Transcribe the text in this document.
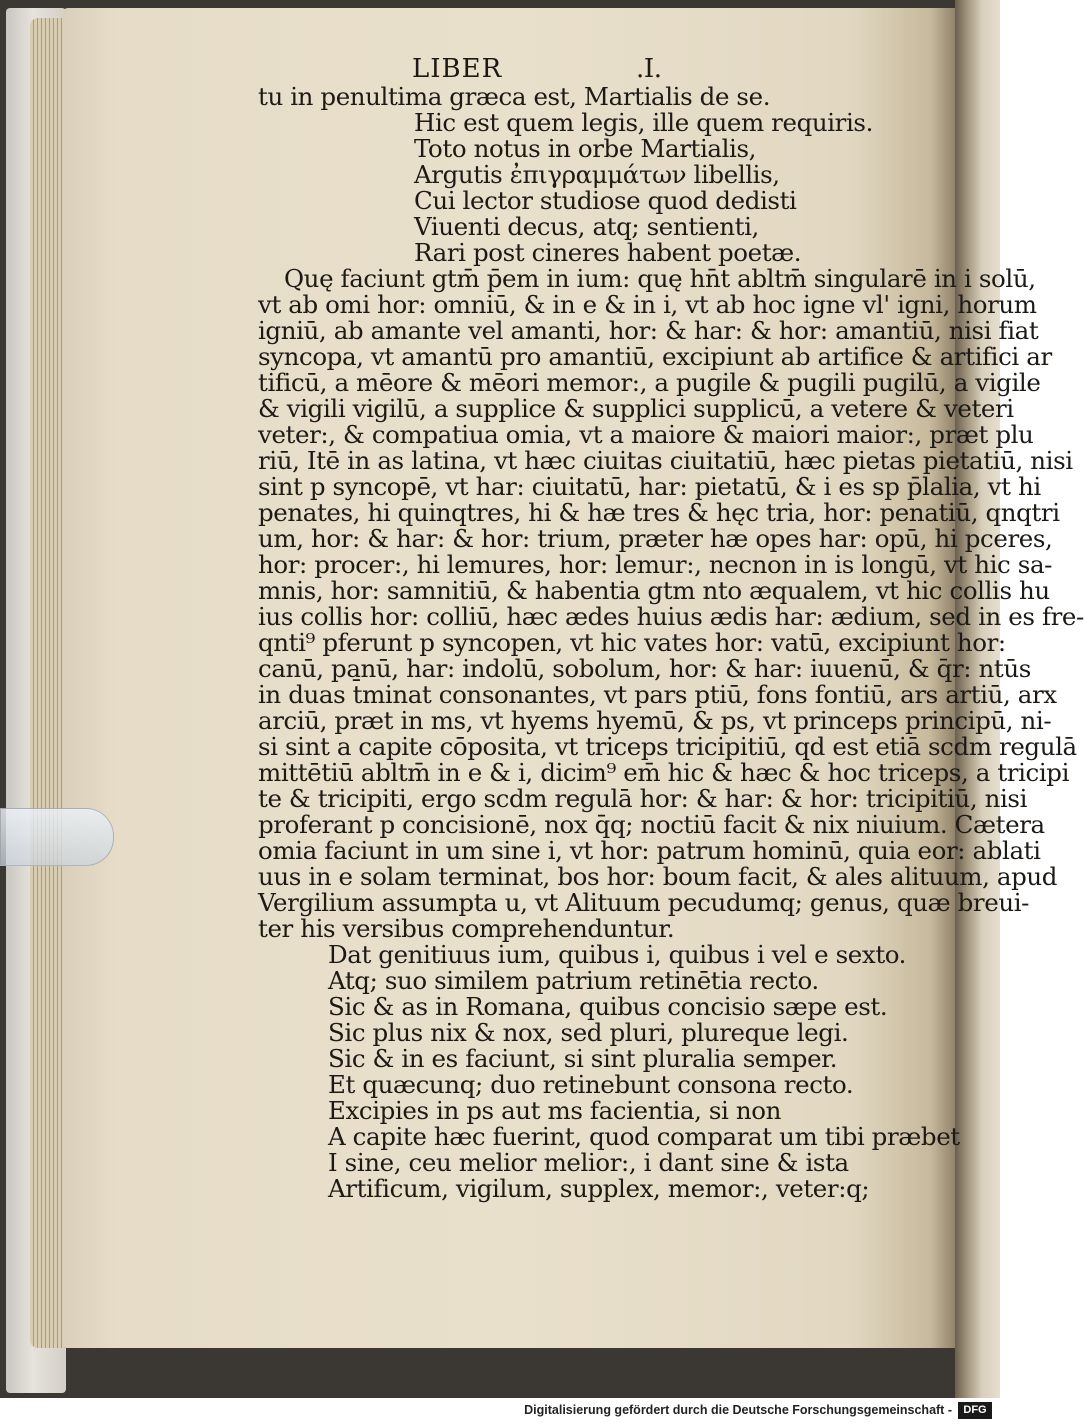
LIBER	.I.
tu in penultima græca est, Martialis de se.
Hic est quem legis, ille quem requiris.
Toto notus in orbe Martialis,
Argutis ἐπιγραμμάτων libellis,
Cui lector studiose quod dedisti
Viuenti decus, atq; sentienti,
Rari post cineres habent poetæ.
Quę faciunt gtm̄ p̄em in ium: quę hn̄t abltm̄ singularē in i solū,
vt ab omi hor: omniū, & in e & in i, vt ab hoc igne vl' igni, horum
igniū, ab amante vel amanti, hor: & har: & hor: amantiū, nisi fiat
syncopa, vt amantū pro amantiū, excipiunt ab artifice & artifici ar
tificū, a mēore & mēori memor:, a pugile & pugili pugilū, a vigile
& vigili vigilū, a supplice & supplici supplicū, a vetere & veteri
veter:, & compatiua omia, vt a maiore & maiori maior:, præt plu
riū, Itē in as latina, vt hæc ciuitas ciuitatiū, hæc pietas pietatiū, nisi
sint p syncopē, vt har: ciuitatū, har: pietatū, & i es sp p̄lalia, vt hi
penates, hi quinqtres, hi & hæ tres & hęc tria, hor: penatiū, qnqtri
um, hor: & har: & hor: trium, præter hæ opes har: opū, hi pceres,
hor: procer:, hi lemures, hor: lemur:, necnon in is longū, vt hic sa-
mnis, hor: samnitiū, & habentia gtm nto æqualem, vt hic collis hu
ius collis hor: colliū, hæc ædes huius ædis har: ædium, sed in es fre-
qnti⁹ pferunt p syncopen, vt hic vates hor: vatū, excipiunt hor:
canū, panū, har: indolū, sobolum, hor: & har: iuuenū, & q̄r: ntūs
in duas t̄minat consonantes, vt pars ptiū, fons fontiū, ars artiū, arx
arciū, præt in ms, vt hyems hyemū, & ps, vt princeps principū, ni-
si sint a capite cōposita, vt triceps tricipitiū, qd est etiā scdm regulā
mittētiū abltm̄ in e & i, dicim⁹ em̄ hic & hæc & hoc triceps, a tricipi
te & tricipiti, ergo scdm regulā hor: & har: & hor: tricipitiū, nisi
proferant p concisionē, nox q̄q; noctiū facit & nix niuium. Cætera
omia faciunt in um sine i, vt hor: patrum hominū, quia eor: ablati
uus in e solam terminat, bos hor: boum facit, & ales alituum, apud
Vergilium assumpta u, vt Alituum pecudumq; genus, quæ breui-
ter his versibus comprehenduntur.
Dat genitiuus ium, quibus i, quibus i vel e sexto.
Atq; suo similem patrium retinētia recto.
Sic & as in Romana, quibus concisio sæpe est.
Sic plus nix & nox, sed pluri, plureque legi.
Sic & in es faciunt, si sint pluralia semper.
Et quæcunq; duo retinebunt consona recto.
Excipies in ps aut ms facientia, si non
A capite hæc fuerint, quod comparat um tibi præbet
I sine, ceu melior melior:, i dant sine & ista
Artificum, vigilum, supplex, memor:, veter:q;
Digitalisierung gefördert durch die Deutsche Forschungsgemeinschaft -	DFG
